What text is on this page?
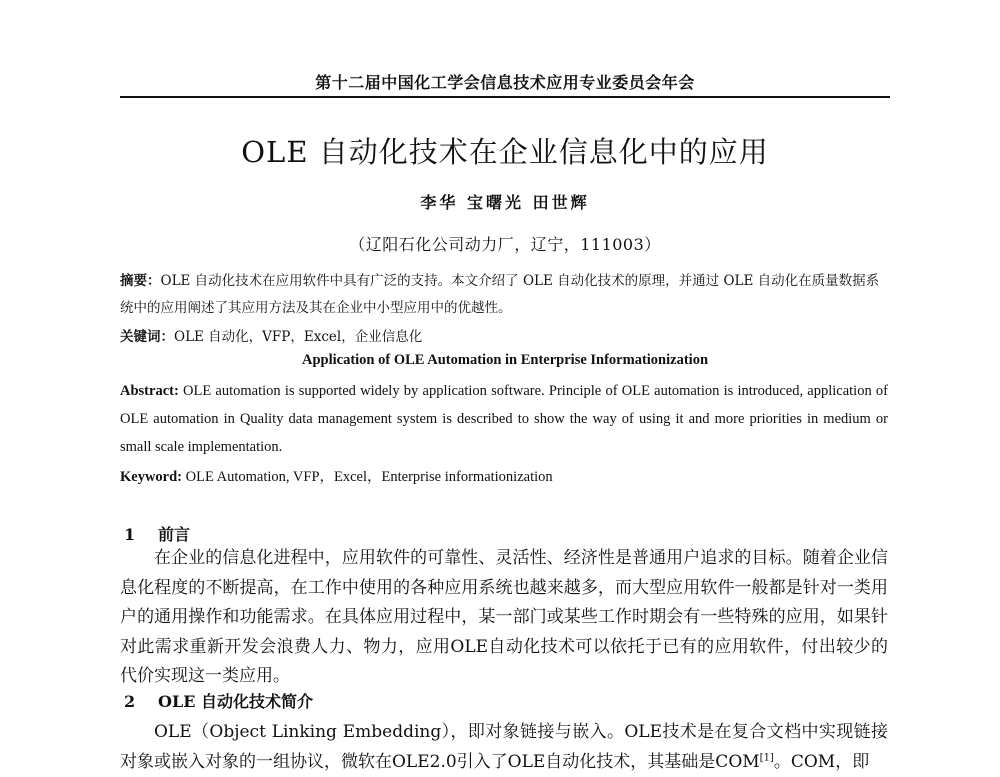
第十二届中国化工学会信息技术应用专业委员会年会
OLE 自动化技术在企业信息化中的应用
李华 宝曙光 田世辉
（辽阳石化公司动力厂，辽宁，111003）
摘要：OLE 自动化技术在应用软件中具有广泛的支持。本文介绍了 OLE 自动化技术的原理，并通过 OLE 自动化在质量数据系统中的应用阐述了其应用方法及其在企业中小型应用中的优越性。
关键词：OLE 自动化，VFP，Excel，企业信息化
Application of OLE Automation in Enterprise Informationization
Abstract: OLE automation is supported widely by application software. Principle of OLE automation is introduced, application of OLE automation in Quality data management system is described to show the way of using it and more priorities in medium or small scale implementation.
Keyword: OLE Automation, VFP，Excel，Enterprise informationization
1 前言
在企业的信息化进程中，应用软件的可靠性、灵活性、经济性是普通用户追求的目标。随着企业信息化程度的不断提高，在工作中使用的各种应用系统也越来越多，而大型应用软件一般都是针对一类用户的通用操作和功能需求。在具体应用过程中，某一部门或某些工作时期会有一些特殊的应用，如果针对此需求重新开发会浪费人力、物力，应用OLE自动化技术可以依托于已有的应用软件，付出较少的代价实现这一类应用。
2 OLE 自动化技术简介
OLE（Object Linking Embedding），即对象链接与嵌入。OLE技术是在复合文档中实现链接对象或嵌入对象的一组协议，微软在OLE2.0引入了OLE自动化技术，其基础是COM[1]。COM，即
